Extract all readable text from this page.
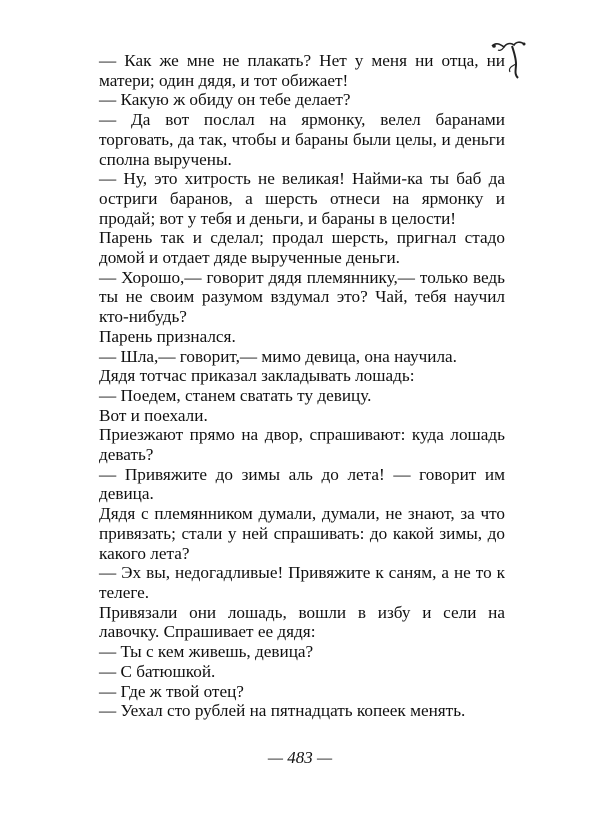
— Как же мне не плакать? Нет у меня ни отца, ни матери; один дядя, и тот обижает!

— Какую ж обиду он тебе делает?

— Да вот послал на ярмонку, велел баранами торговать, да так, чтобы и бараны были целы, и деньги сполна выручены.

— Ну, это хитрость не великая! Найми-ка ты баб да остриги баранов, а шерсть отнеси на ярмонку и продай; вот у тебя и деньги, и бараны в целости!

Парень так и сделал; продал шерсть, пригнал стадо домой и отдает дяде вырученные деньги.

— Хорошо,— говорит дядя племяннику,— только ведь ты не своим разумом вздумал это? Чай, тебя научил кто-нибудь?

Парень признался.

— Шла,— говорит,— мимо девица, она научила.

Дядя тотчас приказал закладывать лошадь:

— Поедем, станем сватать ту девицу.

Вот и поехали.

Приезжают прямо на двор, спрашивают: куда лошадь девать?

— Привяжите до зимы аль до лета! — говорит им девица.

Дядя с племянником думали, думали, не знают, за что привязать; стали у ней спрашивать: до какой зимы, до какого лета?

— Эх вы, недогадливые! Привяжите к саням, а не то к телеге.

Привязали они лошадь, вошли в избу и сели на лавочку. Спрашивает ее дядя:

— Ты с кем живешь, девица?

— С батюшкой.

— Где ж твой отец?

— Уехал сто рублей на пятнадцать копеек менять.

— 483 —
